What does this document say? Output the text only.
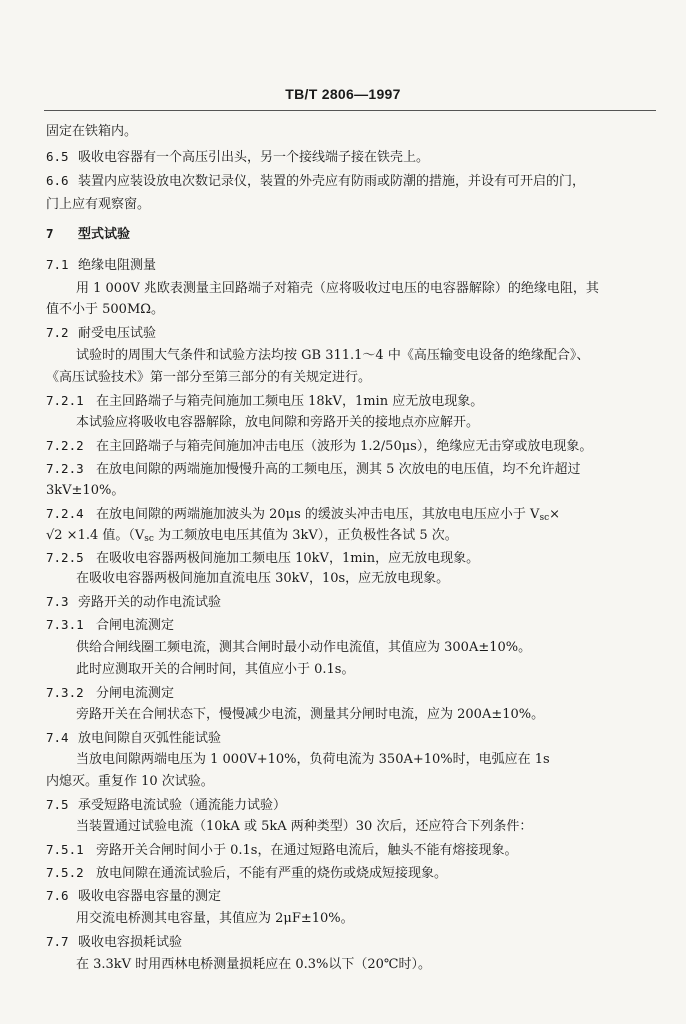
TB/T 2806—1997
固定在铁箱内。
6.5 吸收电容器有一个高压引出头，另一个接线端子接在铁壳上。
6.6 装置内应装设放电次数记录仪，装置的外壳应有防雨或防潮的措施，并设有可开启的门，
门上应有观察窗。
7 型式试验
7.1 绝缘电阻测量
用 1 000V 兆欧表测量主回路端子对箱壳（应将吸收过电压的电容器解除）的绝缘电阻，其
值不小于 500MΩ。
7.2 耐受电压试验
试验时的周围大气条件和试验方法均按 GB 311.1～4 中《高压输变电设备的绝缘配合》、
《高压试验技术》第一部分至第三部分的有关规定进行。
7.2.1 在主回路端子与箱壳间施加工频电压 18kV，1min 应无放电现象。
本试验应将吸收电容器解除，放电间隙和旁路开关的接地点亦应解开。
7.2.2 在主回路端子与箱壳间施加冲击电压（波形为 1.2/50μs），绝缘应无击穿或放电现象。
7.2.3 在放电间隙的两端施加慢慢升高的工频电压，测其 5 次放电的电压值，均不允许超过
3kV±10%。
7.2.4 在放电间隙的两端施加波头为 20μs 的缓波头冲击电压，其放电电压应小于 $V_{sc}\times$
√2 ×1.4 值。（$V_{sc}$ 为工频放电电压其值为 3kV），正负极性各试 5 次。
7.2.5 在吸收电容器两极间施加工频电压 10kV，1min，应无放电现象。
在吸收电容器两极间施加直流电压 30kV，10s，应无放电现象。
7.3 旁路开关的动作电流试验
7.3.1 合闸电流测定
供给合闸线圈工频电流，测其合闸时最小动作电流值，其值应为 300A±10%。
此时应测取开关的合闸时间，其值应小于 0.1s。
7.3.2 分闸电流测定
旁路开关在合闸状态下，慢慢减少电流，测量其分闸时电流，应为 200A±10%。
7.4 放电间隙自灭弧性能试验
当放电间隙两端电压为 1 000V+10%，负荷电流为 350A+10%时，电弧应在 1s
内熄灭。重复作 10 次试验。
7.5 承受短路电流试验（通流能力试验）
当装置通过试验电流（10kA 或 5kA 两种类型）30 次后，还应符合下列条件：
7.5.1 旁路开关合闸时间小于 0.1s，在通过短路电流后，触头不能有熔接现象。
7.5.2 放电间隙在通流试验后，不能有严重的烧伤或烧成短接现象。
7.6 吸收电容器电容量的测定
用交流电桥测其电容量，其值应为 2μF±10%。
7.7 吸收电容损耗试验
在 3.3kV 时用西林电桥测量损耗应在 0.3%以下（20℃时）。
